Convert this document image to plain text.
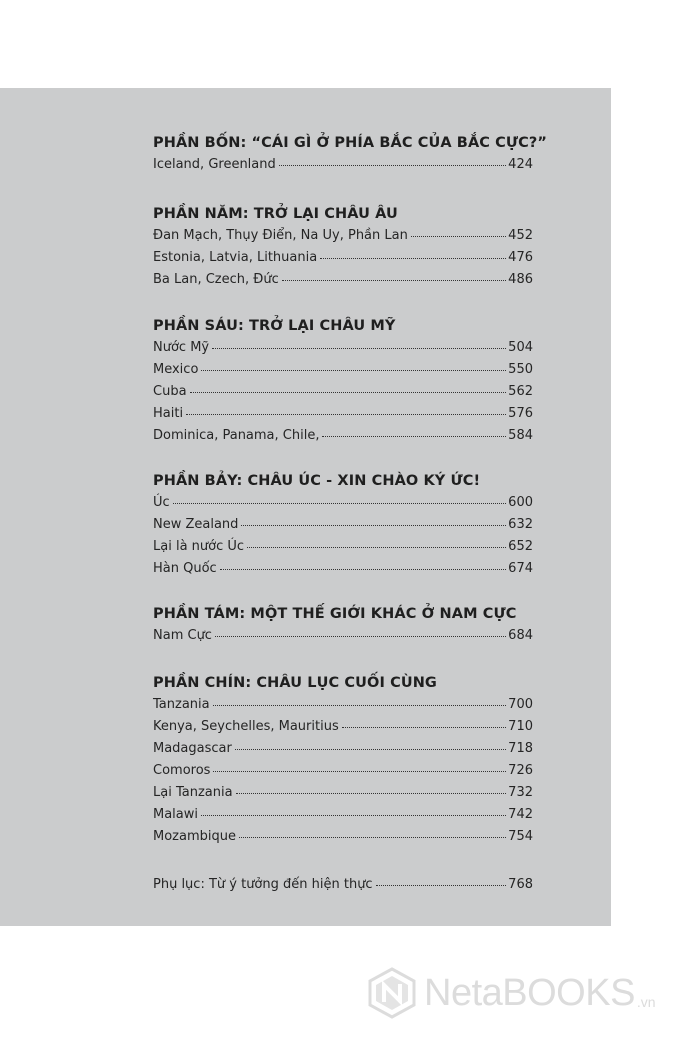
PHẦN BỐN: “CÁI GÌ Ở PHÍA BẮC CỦA BẮC CỰC?”
Iceland, Greenland	424
PHẦN NĂM: TRỞ LẠI CHÂU ÂU
Đan Mạch, Thụy Điển, Na Uy, Phần Lan	452
Estonia, Latvia, Lithuania	476
Ba Lan, Czech, Đức	486
PHẦN SÁU: TRỞ LẠI CHÂU MỸ
Nước Mỹ	504
Mexico	550
Cuba	562
Haiti	576
Dominica, Panama, Chile,	584
PHẦN BẢY: CHÂU ÚC - XIN CHÀO KÝ ỨC!
Úc	600
New Zealand	632
Lại là nước Úc	652
Hàn Quốc	674
PHẦN TÁM: MỘT THẾ GIỚI KHÁC Ở NAM CỰC
Nam Cực	684
PHẦN CHÍN: CHÂU LỤC CUỐI CÙNG
Tanzania	700
Kenya, Seychelles, Mauritius	710
Madagascar	718
Comoros	726
Lại Tanzania	732
Malawi	742
Mozambique	754
Phụ lục: Từ ý tưởng đến hiện thực	768
NetaBOOKS .vn
